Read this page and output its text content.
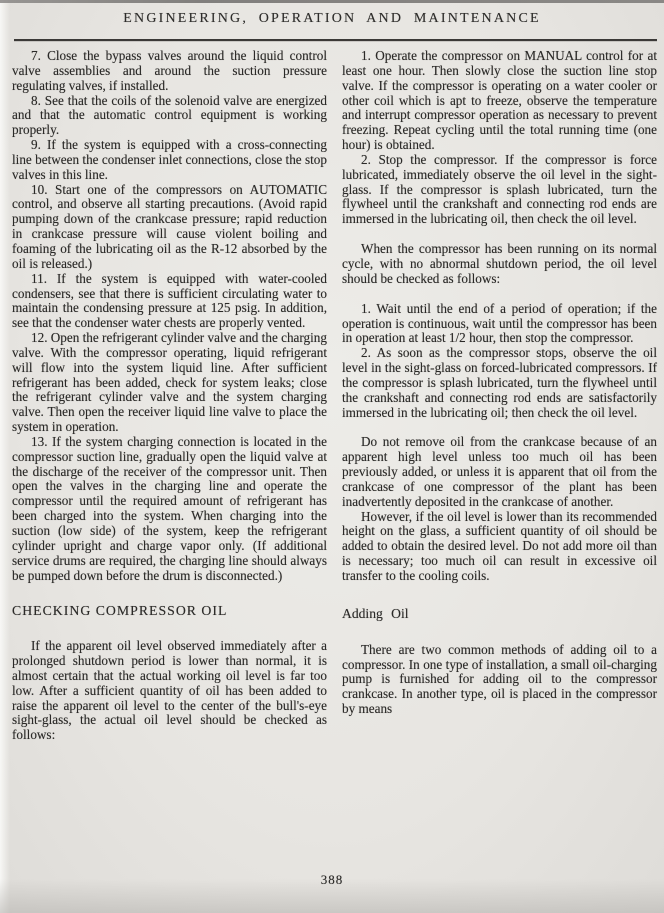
ENGINEERING, OPERATION AND MAINTENANCE

7. Close the bypass valves around the liquid control valve assemblies and around the suction pressure regulating valves, if installed.

8. See that the coils of the solenoid valve are energized and that the automatic control equipment is working properly.

9. If the system is equipped with a cross-connecting line between the condenser inlet connections, close the stop valves in this line.

10. Start one of the compressors on AUTOMATIC control, and observe all starting precautions. (Avoid rapid pumping down of the crankcase pressure; rapid reduction in crankcase pressure will cause violent boiling and foaming of the lubricating oil as the R-12 absorbed by the oil is released.)

11. If the system is equipped with water-cooled condensers, see that there is sufficient circulating water to maintain the condensing pressure at 125 psig. In addition, see that the condenser water chests are properly vented.

12. Open the refrigerant cylinder valve and the charging valve. With the compressor operating, liquid refrigerant will flow into the system liquid line. After sufficient refrigerant has been added, check for system leaks; close the refrigerant cylinder valve and the system charging valve. Then open the receiver liquid line valve to place the system in operation.

13. If the system charging connection is located in the compressor suction line, gradually open the liquid valve at the discharge of the receiver of the compressor unit. Then open the valves in the charging line and operate the compressor until the required amount of refrigerant has been charged into the system. When charging into the suction (low side) of the system, keep the refrigerant cylinder upright and charge vapor only. (If additional service drums are required, the charging line should always be pumped down before the drum is disconnected.)

CHECKING COMPRESSOR OIL

If the apparent oil level observed immediately after a prolonged shutdown period is lower than normal, it is almost certain that the actual working oil level is far too low. After a sufficient quantity of oil has been added to raise the apparent oil level to the center of the bull's-eye sight-glass, the actual oil level should be checked as follows:

1. Operate the compressor on MANUAL control for at least one hour. Then slowly close the suction line stop valve. If the compressor is operating on a water cooler or other coil which is apt to freeze, observe the temperature and interrupt compressor operation as necessary to prevent freezing. Repeat cycling until the total running time (one hour) is obtained.

2. Stop the compressor. If the compressor is force lubricated, immediately observe the oil level in the sight-glass. If the compressor is splash lubricated, turn the flywheel until the crankshaft and connecting rod ends are immersed in the lubricating oil, then check the oil level.

When the compressor has been running on its normal cycle, with no abnormal shutdown period, the oil level should be checked as follows:

1. Wait until the end of a period of operation; if the operation is continuous, wait until the compressor has been in operation at least 1/2 hour, then stop the compressor.

2. As soon as the compressor stops, observe the oil level in the sight-glass on forced-lubricated compressors. If the compressor is splash lubricated, turn the flywheel until the crankshaft and connecting rod ends are satisfactorily immersed in the lubricating oil; then check the oil level.

Do not remove oil from the crankcase because of an apparent high level unless too much oil has been previously added, or unless it is apparent that oil from the crankcase of one compressor of the plant has been inadvertently deposited in the crankcase of another.

However, if the oil level is lower than its recommended height on the glass, a sufficient quantity of oil should be added to obtain the desired level. Do not add more oil than is necessary; too much oil can result in excessive oil transfer to the cooling coils.

Adding Oil

There are two common methods of adding oil to a compressor. In one type of installation, a small oil-charging pump is furnished for adding oil to the compressor crankcase. In another type, oil is placed in the compressor by means

388
